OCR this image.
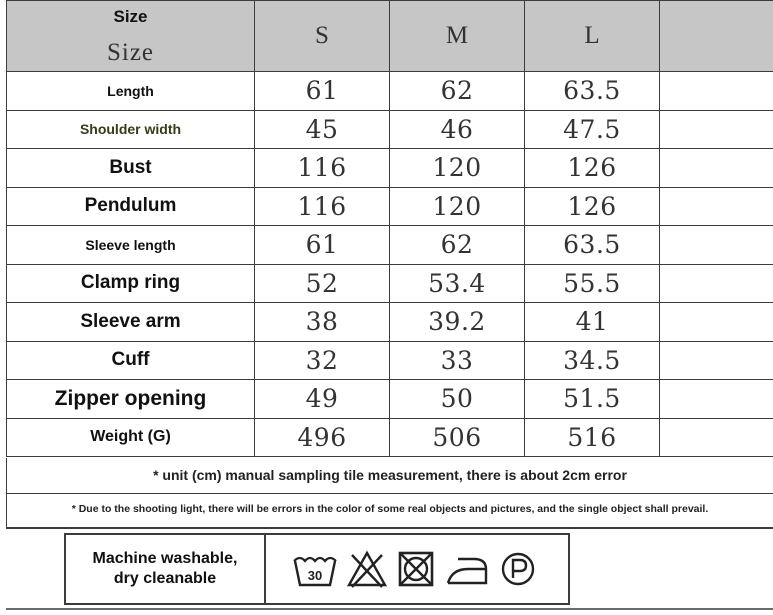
Size
Size	S	M	L	
Length	61	62	63.5	
Shoulder width	45	46	47.5	
Bust	116	120	126	
Pendulum	116	120	126	
Sleeve length	61	62	63.5	
Clamp ring	52	53.4	55.5	
Sleeve arm	38	39.2	41	
Cuff	32	33	34.5	
Zipper opening	49	50	51.5	
Weight (G)	496	506	516	
* unit (cm) manual sampling tile measurement, there is about 2cm error
* Due to the shooting light, there will be errors in the color of some real objects and pictures, and the single object shall prevail.
Machine washable,
dry cleanable	30
